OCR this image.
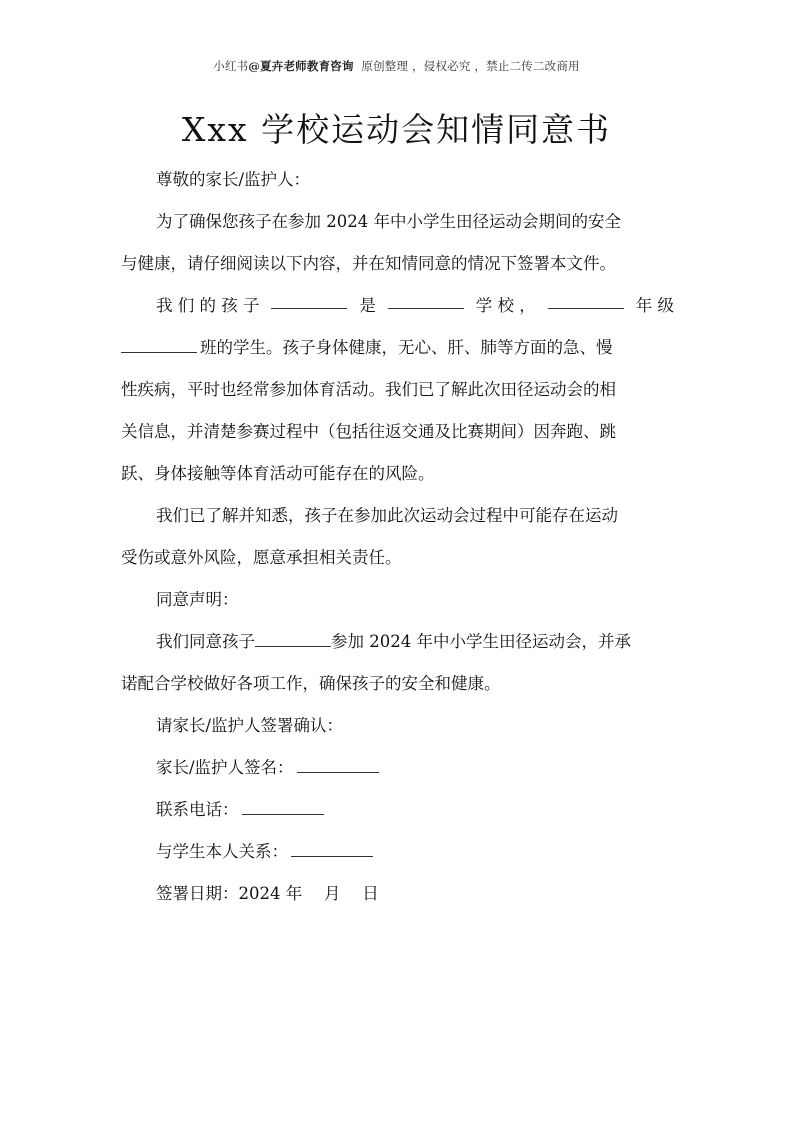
小红书@夏卉老师教育咨询 原创整理 ，侵权必究 ，禁止二传二改商用
Xxx 学校运动会知情同意书
尊敬的家长/监护人：
为了确保您孩子在参加 2024 年中小学生田径运动会期间的安全
与健康，请仔细阅读以下内容，并在知情同意的情况下签署本文件。
我 们 的 孩 子	是	学 校 ，	年 级
班的学生。孩子身体健康，无心、肝、肺等方面的急、慢
性疾病，平时也经常参加体育活动。我们已了解此次田径运动会的相
关信息，并清楚参赛过程中（包括往返交通及比赛期间）因奔跑、跳
跃、身体接触等体育活动可能存在的风险。
我们已了解并知悉，孩子在参加此次运动会过程中可能存在运动
受伤或意外风险，愿意承担相关责任。
同意声明：
我们同意孩子	参加 2024 年中小学生田径运动会，并承
诺配合学校做好各项工作，确保孩子的安全和健康。
请家长/监护人签署确认：
家长/监护人签名：
联系电话：
与学生本人关系：
签署日期：2024 年　 月　 日
